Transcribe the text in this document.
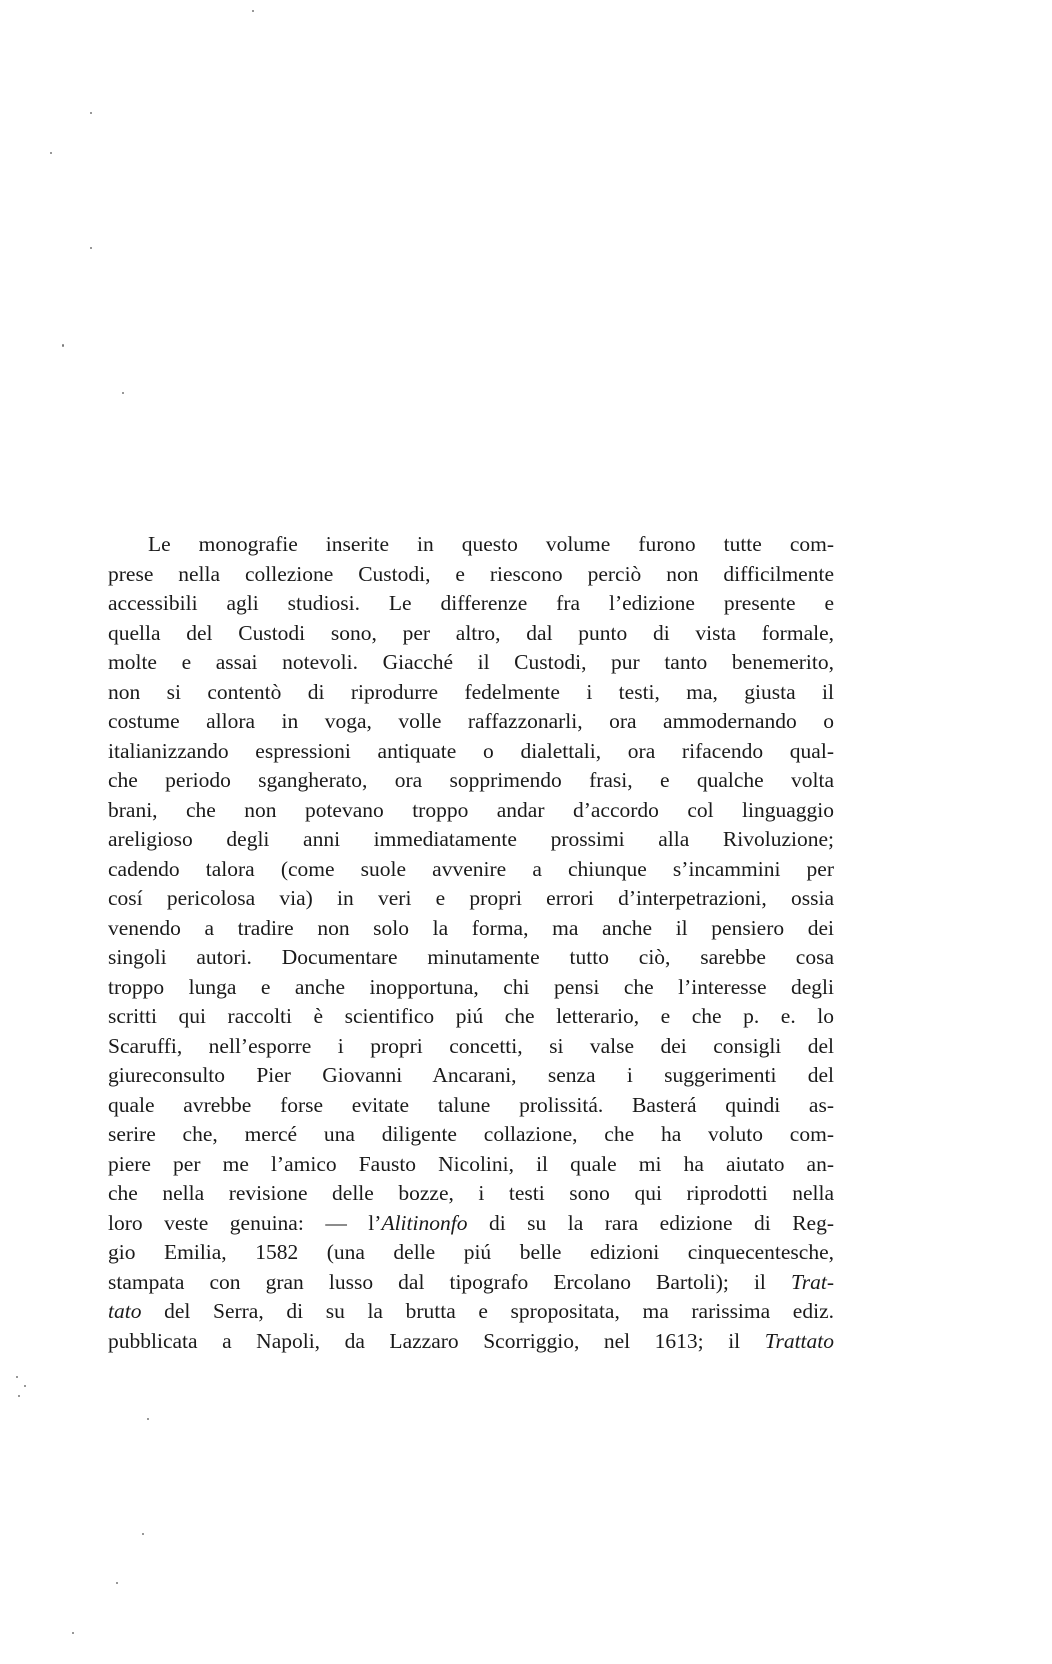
Le monografie inserite in questo volume furono tutte com-
prese nella collezione Custodi, e riescono perciò non difficilmente
accessibili agli studiosi. Le differenze fra l’edizione presente e
quella del Custodi sono, per altro, dal punto di vista formale,
molte e assai notevoli. Giacché il Custodi, pur tanto benemerito,
non si contentò di riprodurre fedelmente i testi, ma, giusta il
costume allora in voga, volle raffazzonarli, ora ammodernando o
italianizzando espressioni antiquate o dialettali, ora rifacendo qual-
che periodo sgangherato, ora sopprimendo frasi, e qualche volta
brani, che non potevano troppo andar d’accordo col linguaggio
areligioso degli anni immediatamente prossimi alla Rivoluzione;
cadendo talora (come suole avvenire a chiunque s’incammini per
cosí pericolosa via) in veri e propri errori d’interpetrazioni, ossia
venendo a tradire non solo la forma, ma anche il pensiero dei
singoli autori. Documentare minutamente tutto ciò, sarebbe cosa
troppo lunga e anche inopportuna, chi pensi che l’interesse degli
scritti qui raccolti è scientifico piú che letterario, e che p. e. lo
Scaruffi, nell’esporre i propri concetti, si valse dei consigli del
giureconsulto Pier Giovanni Ancarani, senza i suggerimenti del
quale avrebbe forse evitate talune prolissitá. Basterá quindi as-
serire che, mercé una diligente collazione, che ha voluto com-
piere per me l’amico Fausto Nicolini, il quale mi ha aiutato an-
che nella revisione delle bozze, i testi sono qui riprodotti nella
loro veste genuina: — l’Alitinonfo di su la rara edizione di Reg-
gio Emilia, 1582 (una delle piú belle edizioni cinquecentesche,
stampata con gran lusso dal tipografo Ercolano Bartoli); il Trat-
tato del Serra, di su la brutta e spropositata, ma rarissima ediz.
pubblicata a Napoli, da Lazzaro Scorriggio, nel 1613; il Trattato
